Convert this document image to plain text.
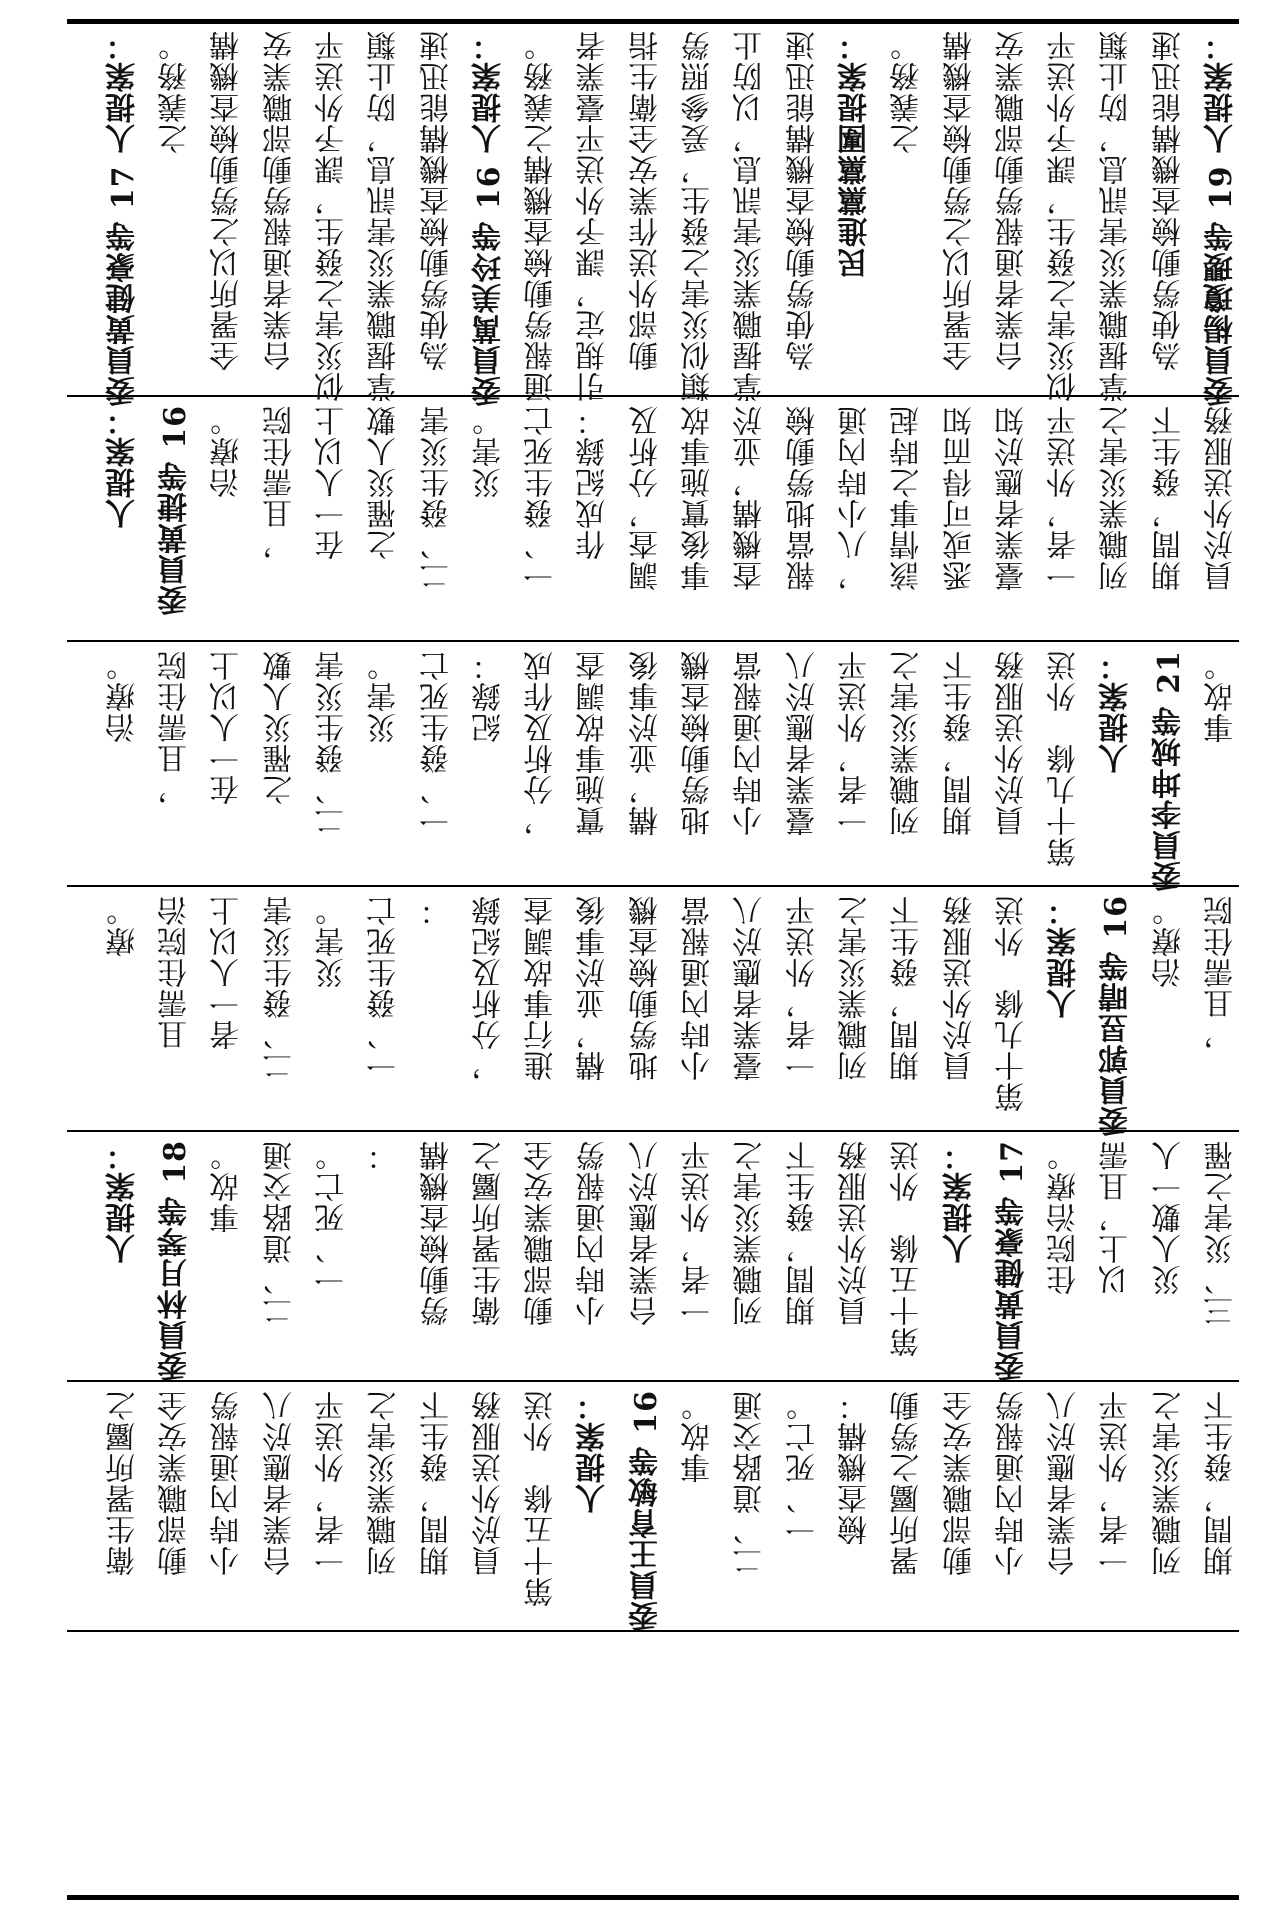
委員楊瓊瓔等 19 人提案：
為使勞動檢查機構能迅速
掌握職業災害訊息，防止類
似災害之發生，課予外送平
台業者通報勞動部職業安
全署所以之勞動檢查機構
之義務。
民進黨黨團提案：
為使勞動檢查機構能迅速
掌握職業災害訊息，以防止
類似災害之發生，爰參照勞
動部外送作業安全衛生指
引規定，課予外送平臺業者
通報勞動檢查機構之義務。
委員萬美玲等 16 人提案：
為使勞動檢查機構能迅速
掌握職業災害訊息，防止類
似災害之發生，課予外送平
台業者通報勞動部職業安
全署所以之勞動檢查機構
之義務。
委員黃健豪等 17 人提案：
員於外送服務
期間，發生下
列職業災害之
一者，外送平
臺業者應於知
悉或可得而知
該情事之時起
，八小時內通
報當地勞動檢
查機構，並於
事後實施事故
調查，分析及
作成紀錄：
一、發生死亡
　　災害。
二、發生災害
　　之罹災人數
　　在一人以上
　　，且需住院
　　治療。
委員黃捷等 16
人提案：
　　事故。
委員李坤城等 21
人提案：
第十九條　外送
　　員於外送服務
　　期間，發生下
　　列職業災害之
　　一者，外送平
　　臺業者應於八
　　小時內通報當
　　地勞動檢查機
　　構，並於事後
　　實施事故調查
　　，分析及作成
　　紀錄：
　　一、發生死亡
　　　　災害。
　　二、發生災害
　　　　之罹災人數
　　　　在一人以上
　　　　，且需住院
　　　　治療。
　　，且需住院
　　治療。
委員郭昱晴等 16
人提案：
第十九條　外送
　　員於外送服務
　　期間，發生下
　　列職業災害之
　　一者，外送平
　　臺業者應於八
　　小時內通報當
　　地勞動檢查機
　　構，並於事後
　　進行事故調查
　　，分析及紀錄
　　：
　　一、發生死亡
　　　　災害。
　　二、發生災害
　　　　者一人以上
　　　　且需住院治
　　　　療。
三、災害之罹
　　災人數一人
　　以上，且需
　　住院治療。
委員黃健豪等 17
人提案：
第十五條　外送
　　員於外送服務
　　期間，發生下
　　列職業災害之
　　一者，外送平
　　台業者應於八
　　小時內通報勞
　　動部職業安全
　　衛生署所屬之
　　勞動檢查機構
　　：
　　一、死亡。
　　二、道路交通
　　　　事故。
委員林月琴等 18
人提案：
期間，發生下
列職業災害之
一者，外送平
台業者應於八
小時內通報勞
動部職業安全
署所屬之勞動
檢查機構：
一、死亡。
二、道路交通
　　事故。
委員王育敏等 16
人提案：
第十五條　外送
員於外送服務
期間，發生下
列職業災害之
一者，外送平
台業者應於八
小時內通報勞
動部職業安全
衛生署所屬之
